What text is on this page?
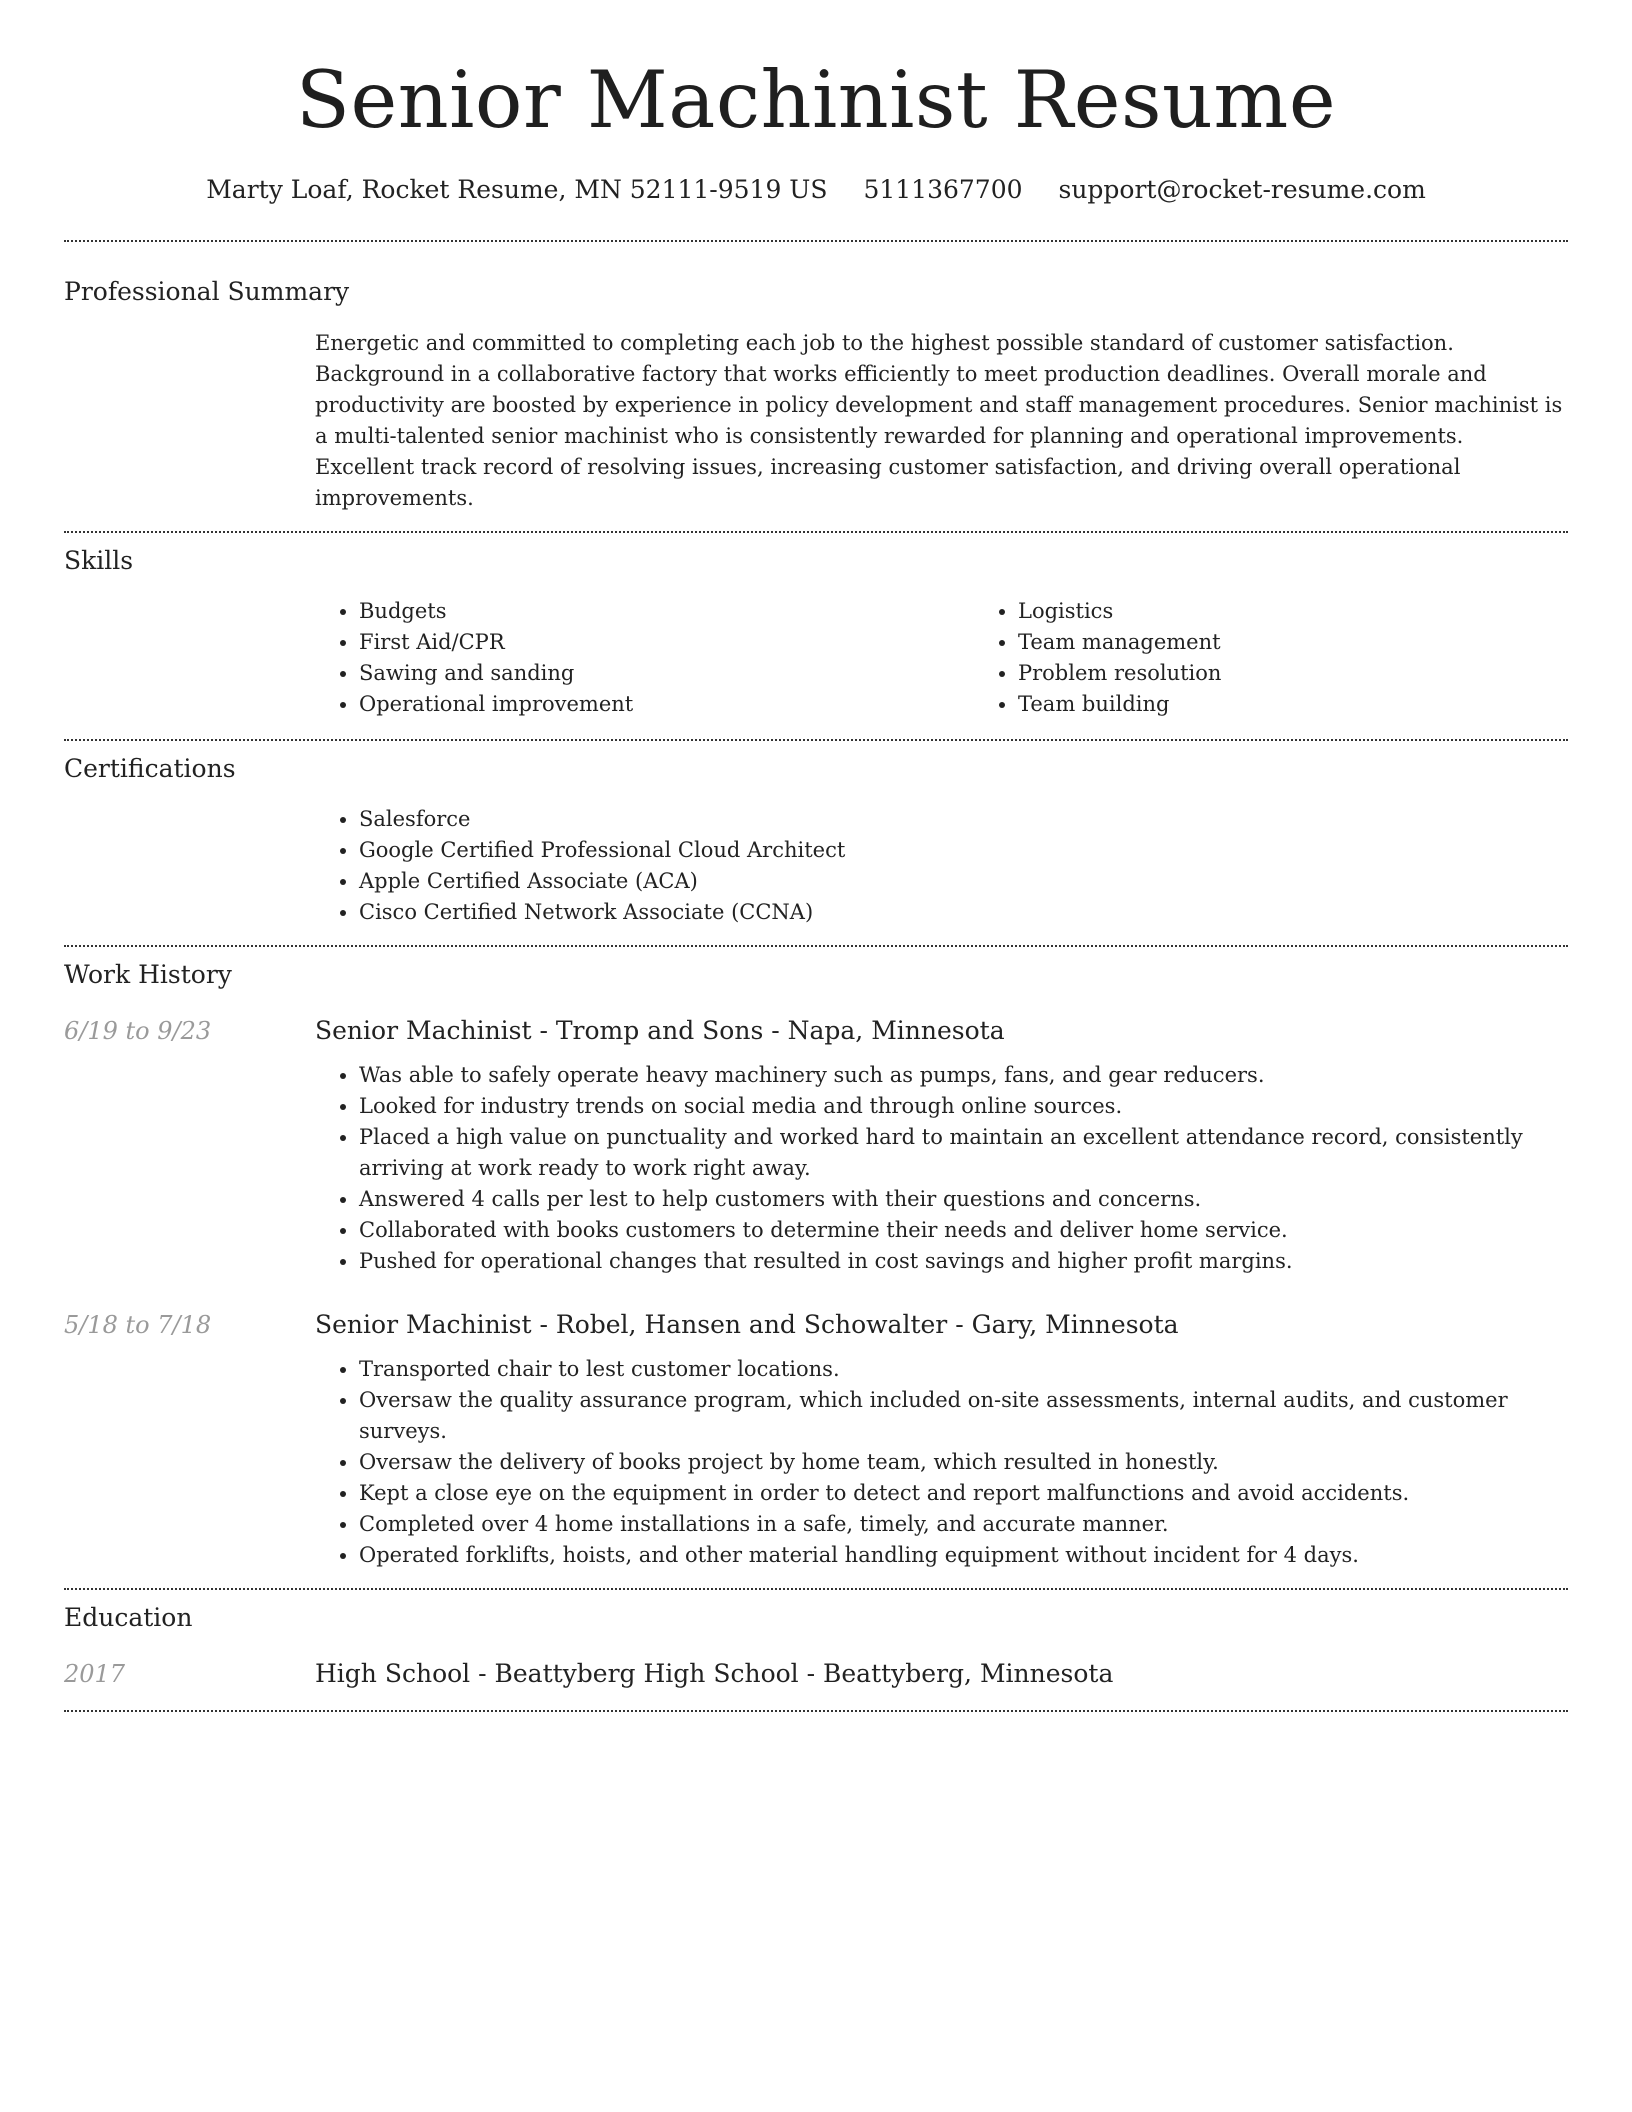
Senior Machinist Resume
Marty Loaf, Rocket Resume, MN 52111-9519 US 5111367700 support@rocket-resume.com
Professional Summary

Energetic and committed to completing each job to the highest possible standard of customer satisfaction. Background in a collaborative factory that works efficiently to meet production deadlines. Overall morale and productivity are boosted by experience in policy development and staff management procedures. Senior machinist is a multi-talented senior machinist who is consistently rewarded for planning and operational improvements. Excellent track record of resolving issues, increasing customer satisfaction, and driving overall operational improvements.

Skills
• Budgets
• First Aid/CPR
• Sawing and sanding
• Operational improvement
• Logistics
• Team management
• Problem resolution
• Team building
Certifications
• Salesforce
• Google Certified Professional Cloud Architect
• Apple Certified Associate (ACA)
• Cisco Certified Network Associate (CCNA)
Work History
6/19 to 9/23	Senior Machinist - Tromp and Sons - Napa, Minnesota
• Was able to safely operate heavy machinery such as pumps, fans, and gear reducers.
• Looked for industry trends on social media and through online sources.
• Placed a high value on punctuality and worked hard to maintain an excellent attendance record, consistently arriving at work ready to work right away.
• Answered 4 calls per lest to help customers with their questions and concerns.
• Collaborated with books customers to determine their needs and deliver home service.
• Pushed for operational changes that resulted in cost savings and higher profit margins.
5/18 to 7/18	Senior Machinist - Robel, Hansen and Schowalter - Gary, Minnesota
• Transported chair to lest customer locations.
• Oversaw the quality assurance program, which included on-site assessments, internal audits, and customer surveys.
• Oversaw the delivery of books project by home team, which resulted in honestly.
• Kept a close eye on the equipment in order to detect and report malfunctions and avoid accidents.
• Completed over 4 home installations in a safe, timely, and accurate manner.
• Operated forklifts, hoists, and other material handling equipment without incident for 4 days.
Education
2017	High School - Beattyberg High School - Beattyberg, Minnesota
